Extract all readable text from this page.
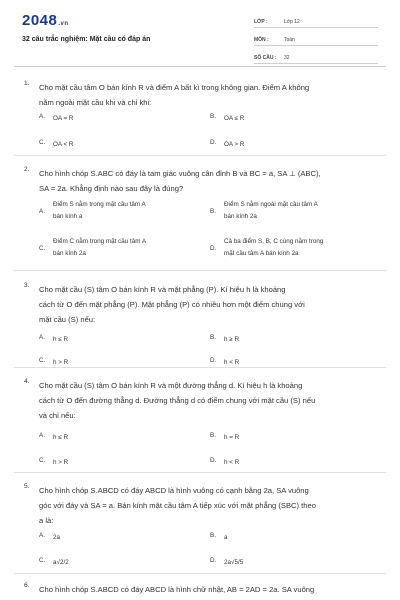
2048.vn
32 câu trắc nghiệm: Mặt cầu có đáp án
LỚP :	Lớp 12
MÔN :	Toán
SỐ CÂU :	32
1. Cho mặt cầu tâm O bán kính R và điểm A bất kì trong không gian. Điểm A không
nằm ngoài mặt cầu khi và chỉ khi:
A.	OA = R	B.	OA ≤ R
C.	OA < R	D.	OA > R
2. Cho hình chóp S.ABC có đáy là tam giác vuông cân đỉnh B và BC = a, SA ⊥ (ABC),
SA = 2a. Khẳng định nào sau đây là đúng?
A.
Điểm S nằm trong mặt cầu tâm A
bán kính a
B.
Điểm S nằm ngoài mặt cầu tâm A
bán kính 2a
C.
Điểm C nằm trong mặt cầu tâm A
bán kính 2a
D.
Cả ba điểm S, B, C cùng nằm trong
mặt cầu tâm A bán kính 2a
3. Cho mặt cầu (S) tâm O bán kính R và mặt phẳng (P). Kí hiệu h là khoảng
cách từ O đến mặt phẳng (P). Mặt phẳng (P) có nhiều hơn một điểm chung với
mặt cầu (S) nếu:
A.	h ≤ R	B.	h ≥ R
C.	h > R	D.	h < R
4. Cho mặt cầu (S) tâm O bán kính R và một đường thẳng d. Kí hiệu h là khoảng
cách từ O đến đường thẳng d. Đường thẳng d có điểm chung với mặt cầu (S) nếu
và chỉ nếu:
A.	h ≤ R	B.	h = R
C.	h > R	D.	h < R
5. Cho hình chóp S.ABCD có đáy ABCD là hình vuông có cạnh bằng 2a, SA vuông
góc với đáy và SA = a. Bán kính mặt cầu tâm A tiếp xúc với mặt phẳng (SBC) theo
a là:
A.	2a	B.	a
C.	a√2/2	D.	2a√5/5
6. Cho hình chóp S.ABCD có đáy ABCD là hình chữ nhật, AB = 2AD = 2a. SA vuông
